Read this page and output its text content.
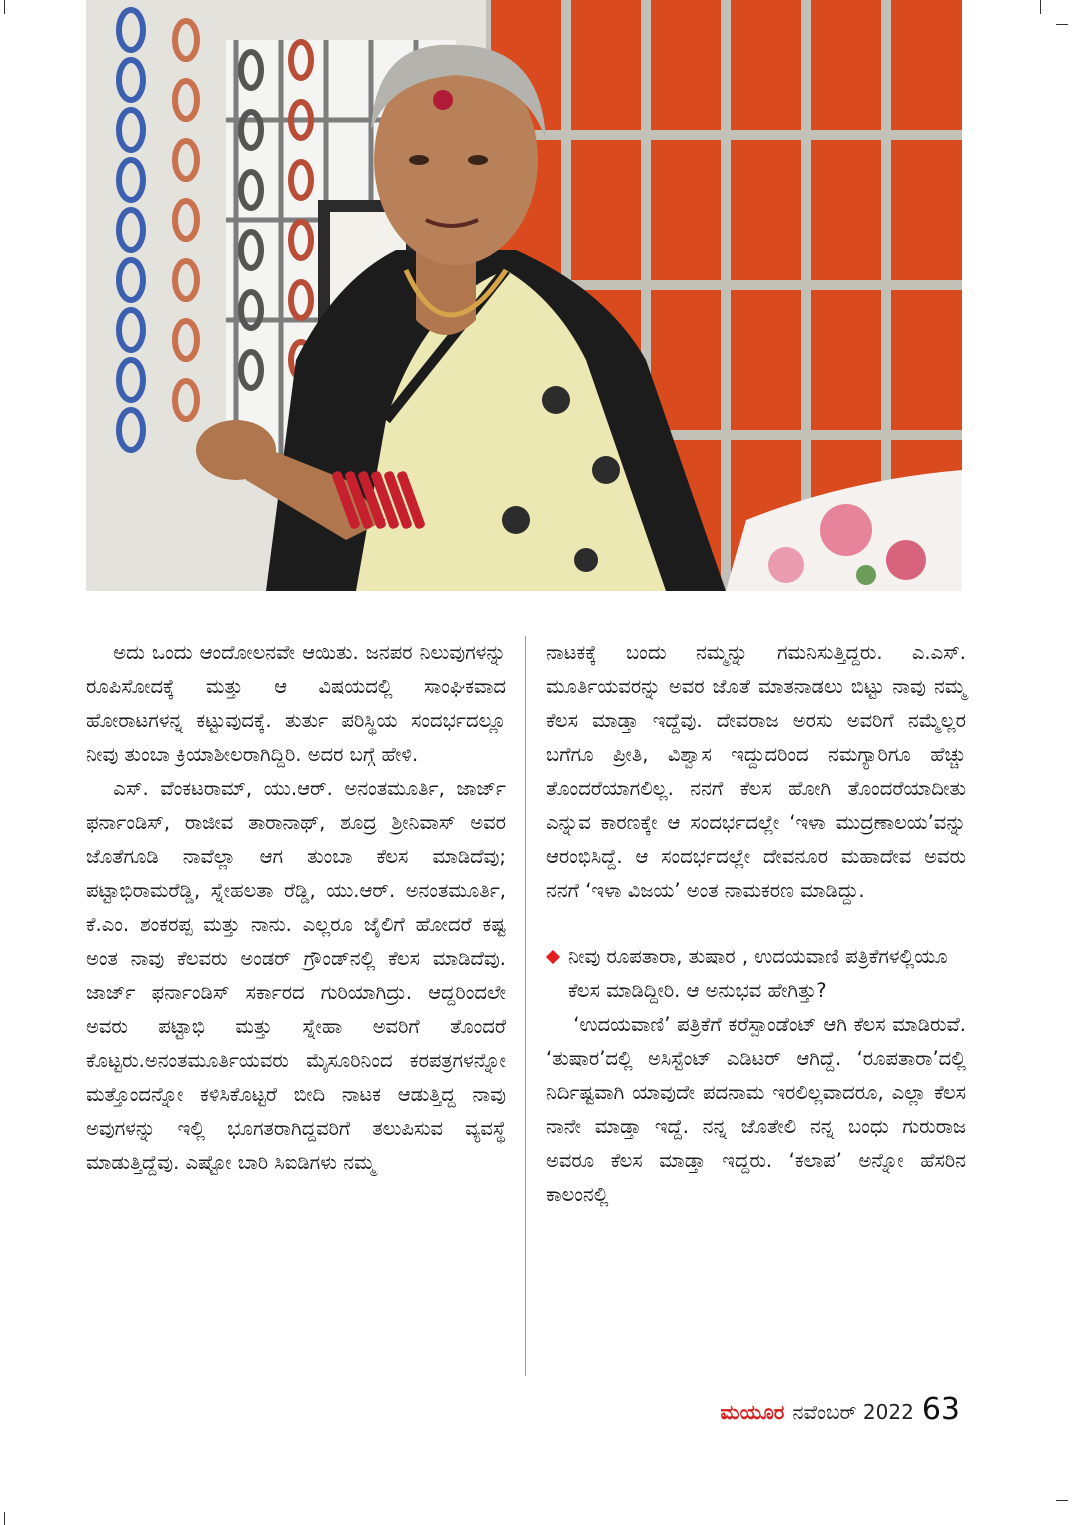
ಅದು ಒಂದು ಆಂದೋಲನವೇ ಆಯಿತು. ಜನಪರ ನಿಲುವುಗಳನ್ನು ರೂಪಿಸೋದಕ್ಕೆ ಮತ್ತು ಆ ವಿಷಯದಲ್ಲಿ ಸಾಂಘಿಕವಾದ ಹೋರಾಟಗಳನ್ನ ಕಟ್ಟುವುದಕ್ಕೆ. ತುರ್ತು ಪರಿಸ್ಥಿಯ ಸಂದರ್ಭದಲ್ಲೂ ನೀವು ತುಂಬಾ ಕ್ರಿಯಾಶೀಲರಾಗಿದ್ದಿರಿ. ಅದರ ಬಗ್ಗೆ ಹೇಳಿ.

ಎಸ್. ವೆಂಕಟರಾಮ್, ಯು.ಆರ್. ಅನಂತಮೂರ್ತಿ, ಜಾರ್ಜ್ ಫರ್ನಾಂಡಿಸ್, ರಾಜೀವ ತಾರಾನಾಥ್, ಶೂದ್ರ ಶ್ರೀನಿವಾಸ್ ಅವರ ಜೊತೆಗೂಡಿ ನಾವೆಲ್ಲಾ ಆಗ ತುಂಬಾ ಕೆಲಸ ಮಾಡಿದೆವು; ಪಟ್ಟಾಭಿರಾಮರೆಡ್ಡಿ, ಸ್ನೇಹಲತಾ ರೆಡ್ಡಿ, ಯು.ಆರ್. ಅನಂತಮೂರ್ತಿ, ಕೆ.ಎಂ. ಶಂಕರಪ್ಪ ಮತ್ತು ನಾನು. ಎಲ್ಲರೂ ಜೈಲಿಗೆ ಹೋದರೆ ಕಷ್ಟ ಅಂತ ನಾವು ಕೆಲವರು ಅಂಡರ್ ಗ್ರೌಂಡ್‌ನಲ್ಲಿ ಕೆಲಸ ಮಾಡಿದೆವು. ಜಾರ್ಜ್ ಫರ್ನಾಂಡಿಸ್ ಸರ್ಕಾರದ ಗುರಿಯಾಗಿದ್ರು. ಆದ್ದರಿಂದಲೇ ಅವರು ಪಟ್ಟಾಭಿ ಮತ್ತು ಸ್ನೇಹಾ ಅವರಿಗೆ ತೊಂದರೆ ಕೊಟ್ಟರು.ಅನಂತಮೂರ್ತಿಯವರು ಮೈಸೂರಿನಿಂದ ಕರಪತ್ರಗಳನ್ನೋ ಮತ್ತೊಂದನ್ನೋ ಕಳಿಸಿಕೊಟ್ಟರೆ ಬೀದಿ ನಾಟಕ ಆಡುತ್ತಿದ್ದ ನಾವು ಅವುಗಳನ್ನು ಇಲ್ಲಿ ಭೂಗತರಾಗಿದ್ದವರಿಗೆ ತಲುಪಿಸುವ ವ್ಯವಸ್ಥೆ ಮಾಡುತ್ತಿದ್ದೆವು. ಎಷ್ಟೋ ಬಾರಿ ಸಿಐಡಿಗಳು ನಮ್ಮ

ನಾಟಕಕ್ಕೆ ಬಂದು ನಮ್ಮನ್ನು ಗಮನಿಸುತ್ತಿದ್ದರು. ಎ.ಎಸ್. ಮೂರ್ತಿಯವರನ್ನು ಅವರ ಜೊತೆ ಮಾತನಾಡಲು ಬಿಟ್ಟು ನಾವು ನಮ್ಮ ಕೆಲಸ ಮಾಡ್ತಾ ಇದ್ದೆವು. ದೇವರಾಜ ಅರಸು ಅವರಿಗೆ ನಮ್ಮೆಲ್ಲರ ಬಗೆಗೂ ಪ್ರೀತಿ, ವಿಶ್ವಾಸ ಇದ್ದುದರಿಂದ ನಮಗ್ಯಾರಿಗೂ ಹೆಚ್ಚು ತೊಂದರೆಯಾಗಲಿಲ್ಲ. ನನಗೆ ಕೆಲಸ ಹೋಗಿ ತೊಂದರೆಯಾದೀತು ಎನ್ನುವ ಕಾರಣಕ್ಕೇ ಆ ಸಂದರ್ಭದಲ್ಲೇ ‘ಇಳಾ ಮುದ್ರಣಾಲಯ’ವನ್ನು ಆರಂಭಿಸಿದ್ದೆ. ಆ ಸಂದರ್ಭದಲ್ಲೇ ದೇವನೂರ ಮಹಾದೇವ ಅವರು ನನಗೆ ‘ಇಳಾ ವಿಜಯ’ ಅಂತ ನಾಮಕರಣ ಮಾಡಿದ್ದು.

ನೀವು ರೂಪತಾರಾ, ತುಷಾರ , ಉದಯವಾಣಿ ಪತ್ರಿಕೆಗಳಲ್ಲಿಯೂ ಕೆಲಸ ಮಾಡಿದ್ದೀರಿ. ಆ ಅನುಭವ ಹೇಗಿತ್ತು?

‘ಉದಯವಾಣಿ’ ಪತ್ರಿಕೆಗೆ ಕರೆಸ್ಪಾಂಡೆಂಟ್ ಆಗಿ ಕೆಲಸ ಮಾಡಿರುವೆ. ‘ತುಷಾರ’ದಲ್ಲಿ ಅಸಿಸ್ಟೆಂಟ್ ಎಡಿಟರ್ ಆಗಿದ್ದೆ. ‘ರೂಪತಾರಾ’ದಲ್ಲಿ ನಿರ್ದಿಷ್ಟವಾಗಿ ಯಾವುದೇ ಪದನಾಮ ಇರಲಿಲ್ಲವಾದರೂ, ಎಲ್ಲಾ ಕೆಲಸ ನಾನೇ ಮಾಡ್ತಾ ಇದ್ದೆ. ನನ್ನ ಜೊತೇಲಿ ನನ್ನ ಬಂಧು ಗುರುರಾಜ ಅವರೂ ಕೆಲಸ ಮಾಡ್ತಾ ಇದ್ದರು. ‘ಕಲಾಪ’ ಅನ್ನೋ ಹೆಸರಿನ ಕಾಲಂನಲ್ಲಿ

ಮಯೂರ ನವೆಂಬರ್ 2022 63
